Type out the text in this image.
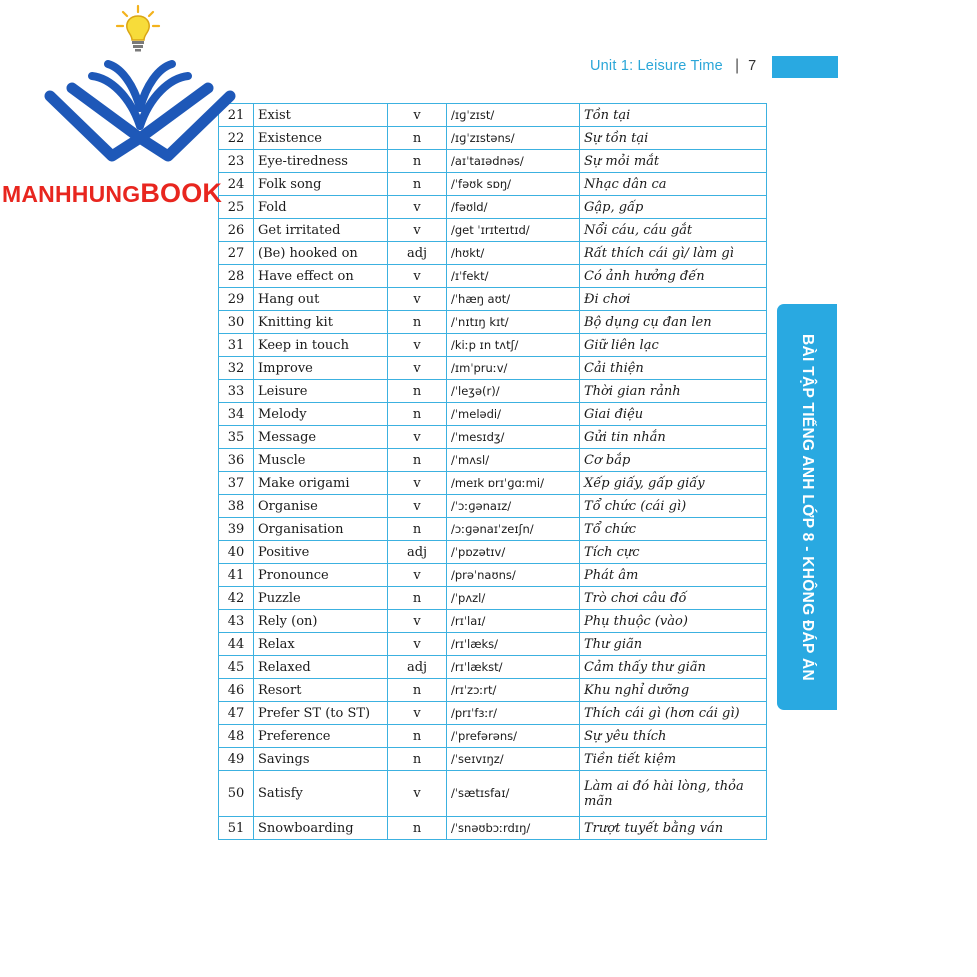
Unit 1: Leisure Time | 7
BÀI TẬP TIẾNG ANH LỚP 8 - KHÔNG ĐÁP ÁN
21	Exist	v	/ɪɡˈzɪst/	Tồn tại
22	Existence	n	/ɪɡˈzɪstəns/	Sự tồn tại
23	Eye-tiredness	n	/aɪˈtaɪədnəs/	Sự mỏi mắt
24	Folk song	n	/ˈfəʊk sɒŋ/	Nhạc dân ca
25	Fold	v	/fəʊld/	Gập, gấp
26	Get irritated	v	/get ˈɪrɪteɪtɪd/	Nổi cáu, cáu gắt
27	(Be) hooked on	adj	/hʊkt/	Rất thích cái gì/ làm gì
28	Have effect on	v	/ɪˈfekt/	Có ảnh hưởng đến
29	Hang out	v	/ˈhæŋ aʊt/	Đi chơi
30	Knitting kit	n	/ˈnɪtɪŋ kɪt/	Bộ dụng cụ đan len
31	Keep in touch	v	/kiːp ɪn tʌtʃ/	Giữ liên lạc
32	Improve	v	/ɪmˈpruːv/	Cải thiện
33	Leisure	n	/ˈleʒə(r)/	Thời gian rảnh
34	Melody	n	/ˈmelədi/	Giai điệu
35	Message	v	/ˈmesɪdʒ/	Gửi tin nhắn
36	Muscle	n	/ˈmʌsl/	Cơ bắp
37	Make origami	v	/meɪk ɒrɪˈɡɑːmi/	Xếp giấy, gấp giấy
38	Organise	v	/ˈɔːɡənaɪz/	Tổ chức (cái gì)
39	Organisation	n	/ɔːɡənaɪˈzeɪʃn/	Tổ chức
40	Positive	adj	/ˈpɒzətɪv/	Tích cực
41	Pronounce	v	/prəˈnaʊns/	Phát âm
42	Puzzle	n	/ˈpʌzl/	Trò chơi câu đố
43	Rely (on)	v	/rɪˈlaɪ/	Phụ thuộc (vào)
44	Relax	v	/rɪˈlæks/	Thư giãn
45	Relaxed	adj	/rɪˈlækst/	Cảm thấy thư giãn
46	Resort	n	/rɪˈzɔːrt/	Khu nghỉ dưỡng
47	Prefer ST (to ST)	v	/prɪˈfɜːr/	Thích cái gì (hơn cái gì)
48	Preference	n	/ˈprefərəns/	Sự yêu thích
49	Savings	n	/ˈseɪvɪŋz/	Tiền tiết kiệm
50	Satisfy	v	/ˈsætɪsfaɪ/	Làm ai đó hài lòng, thỏa mãn
51	Snowboarding	n	/ˈsnəʊbɔːrdɪŋ/	Trượt tuyết bằng ván
MANHHUNGBOOK
